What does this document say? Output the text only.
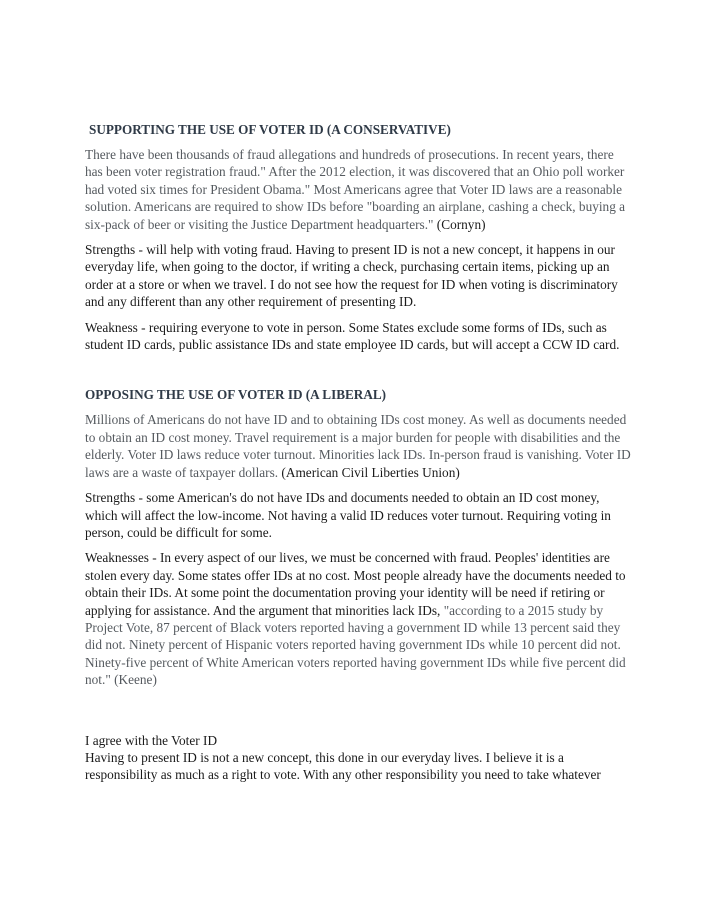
SUPPORTING THE USE OF VOTER ID (A CONSERVATIVE)

There have been thousands of fraud allegations and hundreds of prosecutions. In recent years, there has been voter registration fraud." After the 2012 election, it was discovered that an Ohio poll worker had voted six times for President Obama." Most Americans agree that Voter ID laws are a reasonable solution. Americans are required to show IDs before "boarding an airplane, cashing a check, buying a six-pack of beer or visiting the Justice Department headquarters." (Cornyn)

Strengths - will help with voting fraud. Having to present ID is not a new concept, it happens in our everyday life, when going to the doctor, if writing a check, purchasing certain items, picking up an order at a store or when we travel. I do not see how the request for ID when voting is discriminatory and any different than any other requirement of presenting ID.

Weakness - requiring everyone to vote in person. Some States exclude some forms of IDs, such as student ID cards, public assistance IDs and state employee ID cards, but will accept a CCW ID card.

OPPOSING THE USE OF VOTER ID (A LIBERAL)

Millions of Americans do not have ID and to obtaining IDs cost money. As well as documents needed to obtain an ID cost money. Travel requirement is a major burden for people with disabilities and the elderly. Voter ID laws reduce voter turnout. Minorities lack IDs. In-person fraud is vanishing. Voter ID laws are a waste of taxpayer dollars. (American Civil Liberties Union)

Strengths - some American's do not have IDs and documents needed to obtain an ID cost money, which will affect the low-income. Not having a valid ID reduces voter turnout. Requiring voting in person, could be difficult for some.

Weaknesses - In every aspect of our lives, we must be concerned with fraud. Peoples' identities are stolen every day. Some states offer IDs at no cost. Most people already have the documents needed to obtain their IDs. At some point the documentation proving your identity will be need if retiring or applying for assistance. And the argument that minorities lack IDs, "according to a 2015 study by Project Vote, 87 percent of Black voters reported having a government ID while 13 percent said they did not. Ninety percent of Hispanic voters reported having government IDs while 10 percent did not. Ninety-five percent of White American voters reported having government IDs while five percent did not." (Keene)

I agree with the Voter ID

Having to present ID is not a new concept, this done in our everyday lives. I believe it is a responsibility as much as a right to vote. With any other responsibility you need to take whatever
